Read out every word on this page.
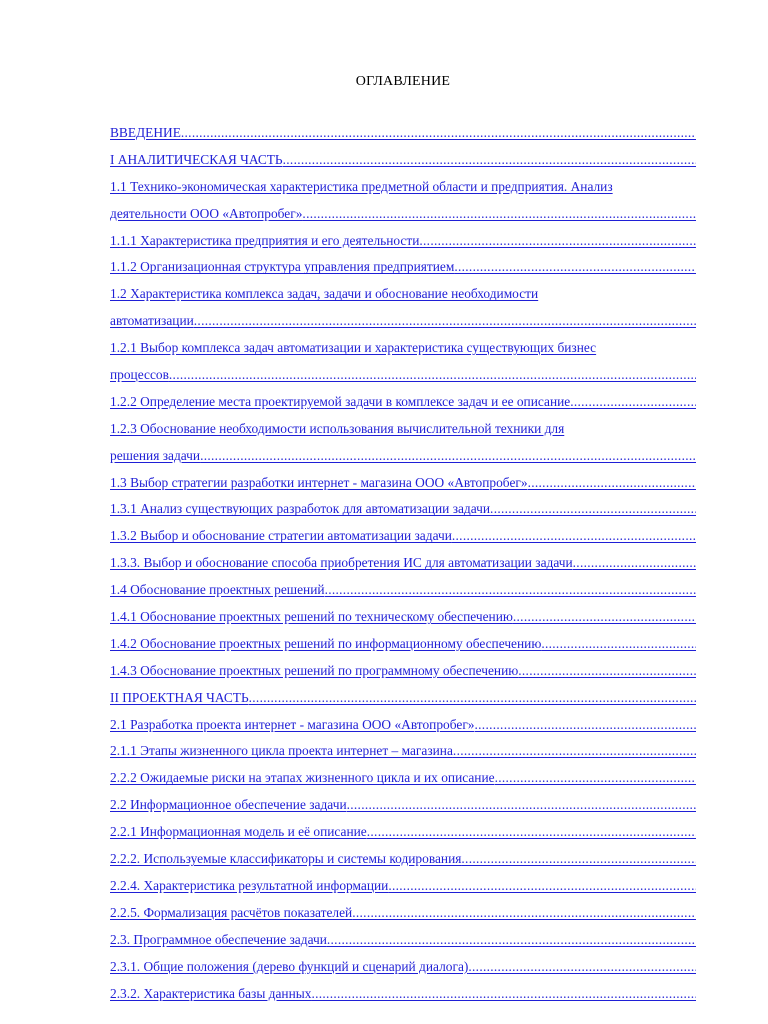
ОГЛАВЛЕНИЕ
ВВЕДЕНИЕ
.....
I АНАЛИТИЧЕСКАЯ ЧАСТЬ
.....
1.1 Технико-экономическая характеристика предметной области и предприятия. Анализ
деятельности ООО «Автопробег»
.....
1.1.1 Характеристика предприятия и его деятельности
.....
1.1.2 Организационная структура управления предприятием
.....
1.2 Характеристика комплекса задач, задачи и обоснование необходимости
автоматизации
.....
1.2.1 Выбор комплекса задач автоматизации и характеристика существующих бизнес
процессов
.....
1.2.2 Определение места проектируемой задачи в комплексе задач и ее описание
.....
1.2.3 Обоснование необходимости использования вычислительной техники для
решения задачи
.....
1.3 Выбор стратегии разработки интернет - магазина ООО «Автопробег»
.....
1.3.1 Анализ существующих разработок для автоматизации задачи
.....
1.3.2 Выбор и обоснование стратегии автоматизации задачи
.....
1.3.3. Выбор и обоснование способа приобретения ИС для автоматизации задачи
.....
1.4 Обоснование проектных решений
.....
1.4.1 Обоснование проектных решений по техническому обеспечению
.....
1.4.2 Обоснование проектных решений по информационному обеспечению
.....
1.4.3 Обоснование проектных решений по программному обеспечению
.....
II ПРОЕКТНАЯ ЧАСТЬ
.....
2.1 Разработка проекта интернет - магазина ООО «Автопробег»
.....
2.1.1 Этапы жизненного цикла проекта интернет – магазина
.....
2.2.2 Ожидаемые риски на этапах жизненного цикла и их описание
.....
2.2 Информационное обеспечение задачи
.....
2.2.1 Информационная модель и её описание
.....
2.2.2. Используемые классификаторы и системы кодирования
.....
2.2.4. Характеристика результатной информации
.....
2.2.5. Формализация расчётов показателей
.....
2.3. Программное обеспечение задачи
.....
2.3.1. Общие положения (дерево функций и сценарий диалога)
.....
2.3.2. Характеристика базы данных
.....
